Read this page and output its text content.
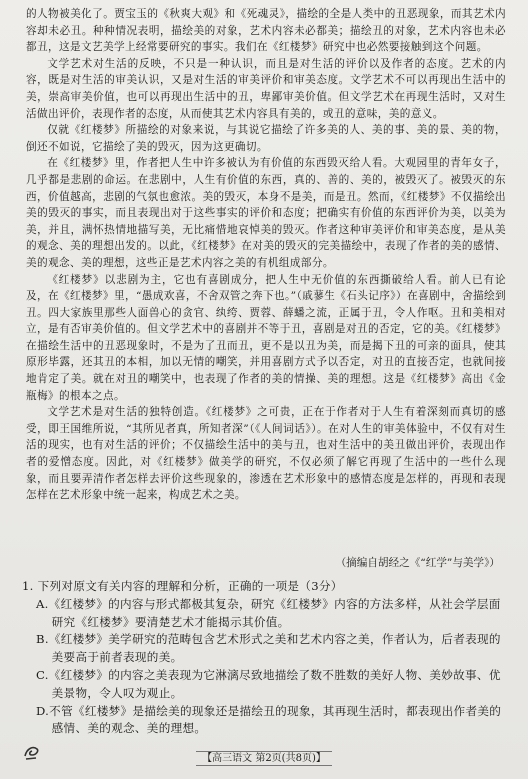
的人物被美化了。贾宝玉的《秋爽大观》和《死魂灵》，描绘的全是人类中的丑恶现象，而其艺术内容却未必丑。种种情况表明，描绘美的对象，艺术内容未必都美；描绘丑的对象，艺术内容也未必都丑，这是文艺美学上经常要研究的事实。我们在《红楼梦》研究中也必然要接触到这个问题。

文学艺术对生活的反映，不只是一种认识，而且是对生活的评价以及作者的态度。艺术的内容，既是对生活的审美认识，又是对生活的审美评价和审美态度。文学艺术不可以再现出生活中的美，崇高审美价值，也可以再现出生活中的丑，卑鄙审美价值。但文学艺术在再现生活时，又对生活做出评价，表现作者的态度，从而使其艺术内容具有美的，或丑的意味，美的意义。

仅就《红楼梦》所描绘的对象来说，与其说它描绘了许多美的人、美的事、美的景、美的物，倒还不如说，它描绘了美的毁灭，因为这更确切。

在《红楼梦》里，作者把人生中许多被认为有价值的东西毁灭给人看。大观园里的青年女子，几乎都是悲剧的命运。在悲剧中，人生有价值的东西，真的、善的、美的，被毁灭了。被毁灭的东西，价值越高，悲剧的气氛也愈浓。美的毁灭，本身不是美，而是丑。然而，《红楼梦》不仅描绘出美的毁灭的事实，而且表现出对于这些事实的评价和态度；把确实有价值的东西评价为美，以美为美，并且，满怀热情地描写美，无比痛惜地哀悼美的毁灭。作者这种审美评价和审美态度，是从美的观念、美的理想出发的。以此，《红楼梦》在对美的毁灭的完美描绘中，表现了作者的美的感情、美的观念、美的理想，这些正是艺术内容之美的有机组成部分。

《红楼梦》以悲剧为主，它也有喜剧成分，把人生中无价值的东西撕破给人看。前人已有论及，在《红楼梦》里，“愚成欢喜，不舍双管之奔下也。”（戚蓼生《石头记序》）在喜剧中，舍描绘到丑。四大家族里那些人面兽心的贪官、纨绔、贾蓉、薛蟠之流，正属于丑，令人作呕。丑和美相对立，是有否审美价值的。但文学艺术中的喜剧并不等于丑，喜剧是对丑的否定，它的美。《红楼梦》在描绘生活中的丑恶现象时，不是为了丑而丑，更不是以丑为美，而是揭下丑的可亲的面具，使其原形毕露，还其丑的本相，加以无情的嘲笑，并用喜剧方式予以否定，对丑的直接否定，也就间接地肯定了美。就在对丑的嘲笑中，也表现了作者的美的情操、美的理想。这是《红楼梦》高出《金瓶梅》的根本之点。

文学艺术是对生活的独特创造。《红楼梦》之可贵，正在于作者对于人生有着深刻而真切的感受，即王国维所说，“其所见者真，所知者深”（《人间词话》）。在对人生的审美体验中，不仅有对生活的现实，也有对生活的评价；不仅描绘生活中的美与丑，也对生活中的美丑做出评价，表现出作者的爱憎态度。因此，对《红楼梦》做美学的研究，不仅必须了解它再现了生活中的一些什么现象，而且要弄清作者怎样去评价这些现象的，渗透在艺术形象中的感情态度是怎样的，再现和表现怎样在艺术形象中统一起来，构成艺术之美。

（摘编自胡经之《“红学”与美学》）

1. 下列对原文有关内容的理解和分析，正确的一项是（3分）

A.《红楼梦》的内容与形式都极其复杂，研究《红楼梦》内容的方法多样，从社会学层面研究《红楼梦》要清楚艺术才能揭示其价值。

B.《红楼梦》美学研究的范畴包含艺术形式之美和艺术内容之美，作者认为，后者表现的美要高于前者表现的美。

C.《红楼梦》的内容之美表现为它淋漓尽致地描绘了数不胜数的美好人物、美妙故事、优美景物，令人叹为观止。

D.不管《红楼梦》是描绘美的现象还是描绘丑的现象，其再现生活时，都表现出作者美的感情、美的观念、美的理想。

【高三语文 第2页(共8页)】
